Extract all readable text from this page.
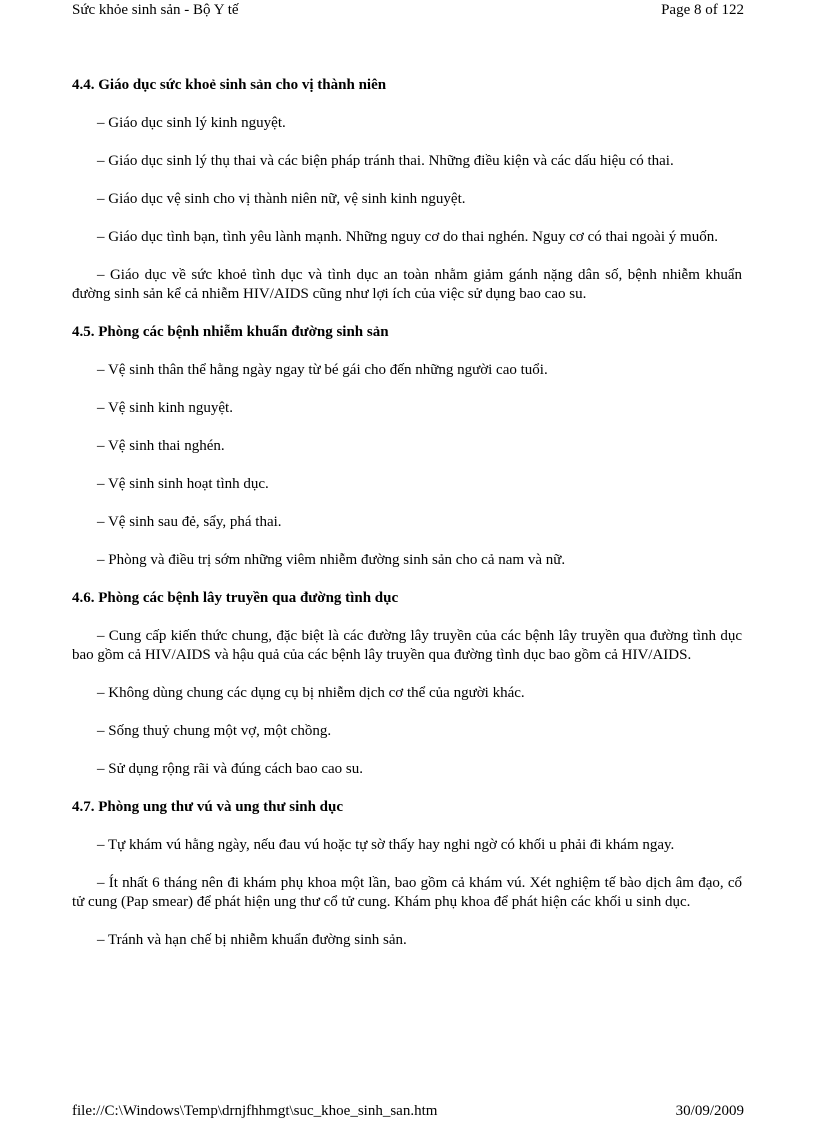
Sức khỏe sinh sản - Bộ Y tế	Page 8 of 122
4.4. Giáo dục sức khoẻ sinh sản cho vị thành niên
– Giáo dục sinh lý kinh nguyệt.
– Giáo dục sinh lý thụ thai và các biện pháp tránh thai. Những điều kiện và các dấu hiệu có thai.
– Giáo dục vệ sinh cho vị thành niên nữ, vệ sinh kinh nguyệt.
– Giáo dục tình bạn, tình yêu lành mạnh. Những nguy cơ do thai nghén. Nguy cơ có thai ngoài ý muốn.
– Giáo dục về sức khoẻ tình dục và tình dục an toàn nhằm giảm gánh nặng dân số, bệnh nhiễm khuẩn đường sinh sản kể cả nhiễm HIV/AIDS cũng như lợi ích của việc sử dụng bao cao su.
4.5. Phòng các bệnh nhiễm khuẩn đường sinh sản
– Vệ sinh thân thể hằng ngày ngay từ bé gái cho đến những người cao tuổi.
– Vệ sinh kinh nguyệt.
– Vệ sinh thai nghén.
– Vệ sinh sinh hoạt tình dục.
– Vệ sinh sau đẻ, sẩy, phá thai.
– Phòng và điều trị sớm những viêm nhiễm đường sinh sản cho cả nam và nữ.
4.6. Phòng các bệnh lây truyền qua đường tình dục
– Cung cấp kiến thức chung, đặc biệt là các đường lây truyền của các bệnh lây truyền qua đường tình dục bao gồm cả HIV/AIDS và hậu quả của các bệnh lây truyền qua đường tình dục bao gồm cả HIV/AIDS.
– Không dùng chung các dụng cụ bị nhiễm dịch cơ thể của người khác.
– Sống thuỷ chung một vợ, một chồng.
– Sử dụng rộng rãi và đúng cách bao cao su.
4.7. Phòng ung thư vú và ung thư sinh dục
– Tự khám vú hằng ngày, nếu đau vú hoặc tự sờ thấy hay nghi ngờ có khối u phải đi khám ngay.
– Ít nhất 6 tháng nên đi khám phụ khoa một lần, bao gồm cả khám vú. Xét nghiệm tế bào dịch âm đạo, cổ tử cung (Pap smear) để phát hiện ung thư cổ tử cung. Khám phụ khoa để phát hiện các khối u sinh dục.
– Tránh và hạn chế bị nhiễm khuẩn đường sinh sản.
file://C:\Windows\Temp\drnjfhhmgt\suc_khoe_sinh_san.htm	30/09/2009
